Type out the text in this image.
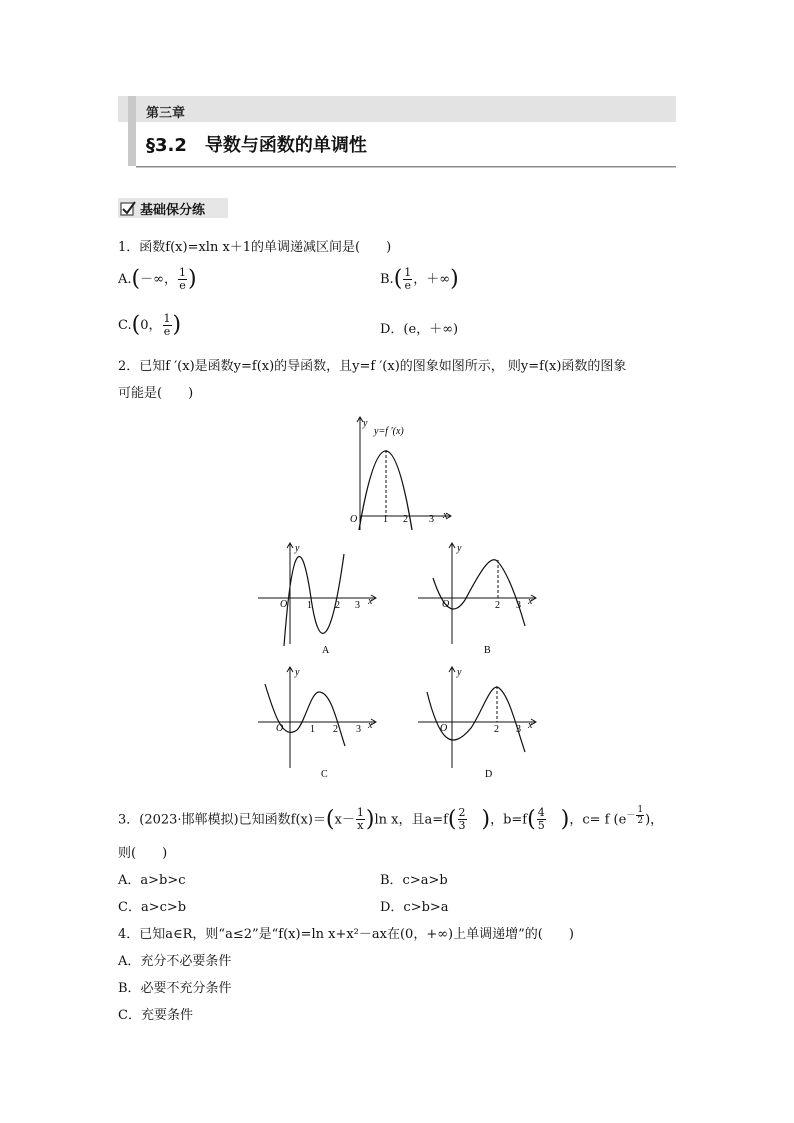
第三章
§3.2　导数与函数的单调性
基础保分练
1．函数f(x)=xln x＋1的单调递减区间是(　　)
A.(－∞， $\frac{1}{e}$ )	$B.( \frac{1}{e}$ ，＋∞)
C.(0， $\frac{1}{e}$ )	D．(e，＋∞)
2．已知f ′(x)是函数y=f(x)的导函数，且y=f ′(x)的图象如图所示， 则y=f(x)函数的图象
可能是(　　)
y
y=f ′(x)
O	1 2 3 x
y
O 1 2 3 x
A
y
O	2 3 x
B
y
O	1 2 3 x
C
y
O	2 3 x
D
3．(2023·邯郸模拟)已知函数$f(x)=(x- \frac{1}{x} )\ln$ x，且$a=f( \frac{2}{3}$ )，$b=f( \frac{4}{5}$ )，c= f ($e^{- \frac{1}{2}}$ )，
则(　　)
A．a>b>c	B．c>a>b
C．a>c>b	D．c>b>a
4．已知a∈R，则“a≤2”是“f(x)=ln x+x²－ax在(0，+∞)上单调递增”的(　　)
A．充分不必要条件
B．必要不充分条件
C．充要条件
